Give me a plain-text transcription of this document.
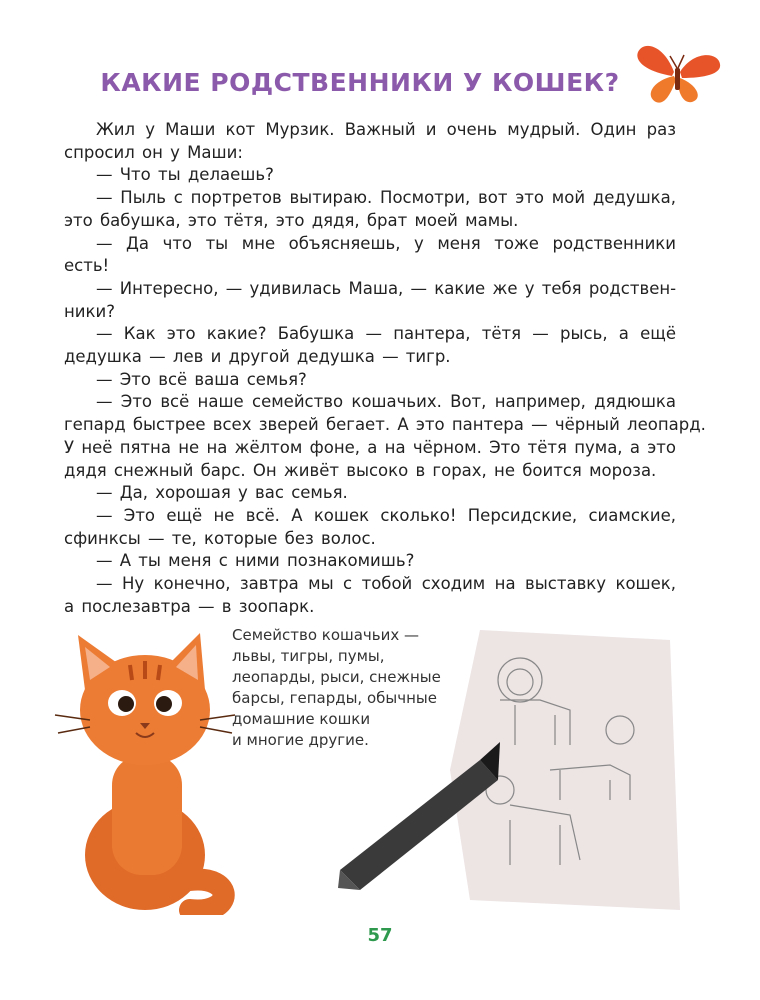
КАКИЕ РОДСТВЕННИКИ У КОШЕК?
Жил у Маши кот Мурзик. Важный и очень мудрый. Один раз
спросил он у Маши:
— Что ты делаешь?
— Пыль с портретов вытираю. Посмотри, вот это мой дедушка,
это бабушка, это тётя, это дядя, брат моей мамы.
— Да что ты мне объясняешь, у меня тоже родственники
есть!
— Интересно, — удивилась Маша, — какие же у тебя родствен-
ники?
— Как это какие? Бабушка — пантера, тётя — рысь, а ещё
дедушка — лев и другой дедушка — тигр.
— Это всё ваша семья?
— Это всё наше семейство кошачьих. Вот, например, дядюшка
гепард быстрее всех зверей бегает. А это пантера — чёрный леопард.
У неё пятна не на жёлтом фоне, а на чёрном. Это тётя пума, а это
дядя снежный барс. Он живёт высоко в горах, не боится мороза.
— Да, хорошая у вас семья.
— Это ещё не всё. А кошек сколько! Персидские, сиамские,
сфинксы — те, которые без волос.
— А ты меня с ними познакомишь?
— Ну конечно, завтра мы с тобой сходим на выставку кошек,
а послезавтра — в зоопарк.
Семейство кошачьих —
львы, тигры, пумы,
леопарды, рыси, снежные
барсы, гепарды, обычные
домашние кошки
и многие другие.
57
